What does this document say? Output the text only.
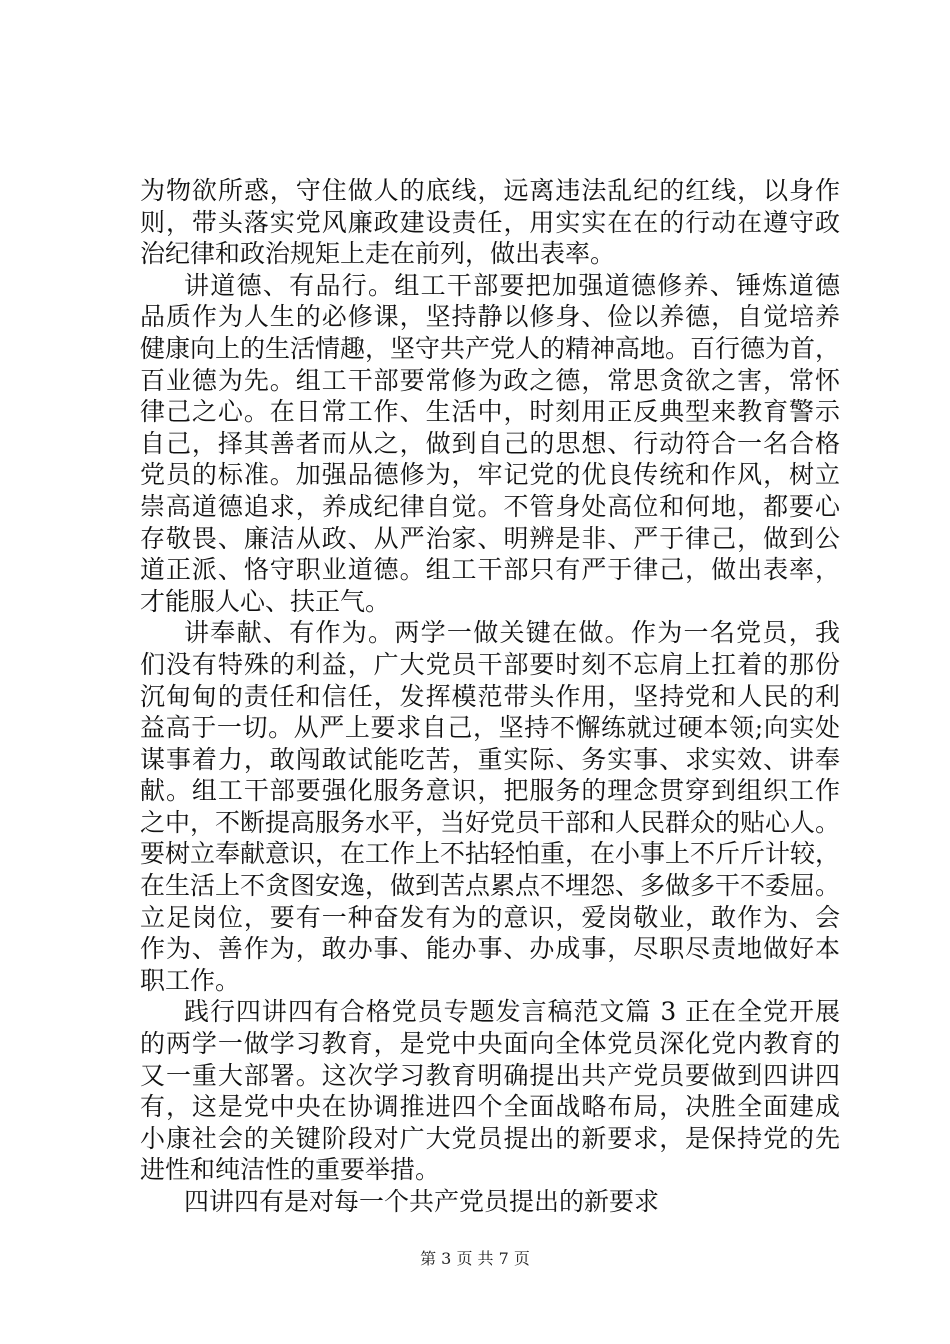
为物欲所惑，守住做人的底线，远离违法乱纪的红线，以身作
则，带头落实党风廉政建设责任，用实实在在的行动在遵守政
治纪律和政治规矩上走在前列，做出表率。
讲道德、有品行。组工干部要把加强道德修养、锤炼道德
品质作为人生的必修课，坚持静以修身、俭以养德，自觉培养
健康向上的生活情趣，坚守共产党人的精神高地。百行德为首，
百业德为先。组工干部要常修为政之德，常思贪欲之害，常怀
律己之心。在日常工作、生活中，时刻用正反典型来教育警示
自己，择其善者而从之，做到自己的思想、行动符合一名合格
党员的标准。加强品德修为，牢记党的优良传统和作风，树立
崇高道德追求，养成纪律自觉。不管身处高位和何地，都要心
存敬畏、廉洁从政、从严治家、明辨是非、严于律己，做到公
道正派、恪守职业道德。组工干部只有严于律己，做出表率，
才能服人心、扶正气。
讲奉献、有作为。两学一做关键在做。作为一名党员，我
们没有特殊的利益，广大党员干部要时刻不忘肩上扛着的那份
沉甸甸的责任和信任，发挥模范带头作用，坚持党和人民的利
益高于一切。从严上要求自己，坚持不懈练就过硬本领;向实处
谋事着力，敢闯敢试能吃苦，重实际、务实事、求实效、讲奉
献。组工干部要强化服务意识，把服务的理念贯穿到组织工作
之中，不断提高服务水平，当好党员干部和人民群众的贴心人。
要树立奉献意识，在工作上不拈轻怕重，在小事上不斤斤计较，
在生活上不贪图安逸，做到苦点累点不埋怨、多做多干不委屈。
立足岗位，要有一种奋发有为的意识，爱岗敬业，敢作为、会
作为、善作为，敢办事、能办事、办成事，尽职尽责地做好本
职工作。
践行四讲四有合格党员专题发言稿范文篇 3 正在全党开展
的两学一做学习教育，是党中央面向全体党员深化党内教育的
又一重大部署。这次学习教育明确提出共产党员要做到四讲四
有，这是党中央在协调推进四个全面战略布局，决胜全面建成
小康社会的关键阶段对广大党员提出的新要求，是保持党的先
进性和纯洁性的重要举措。
四讲四有是对每一个共产党员提出的新要求
第 3 页 共 7 页
